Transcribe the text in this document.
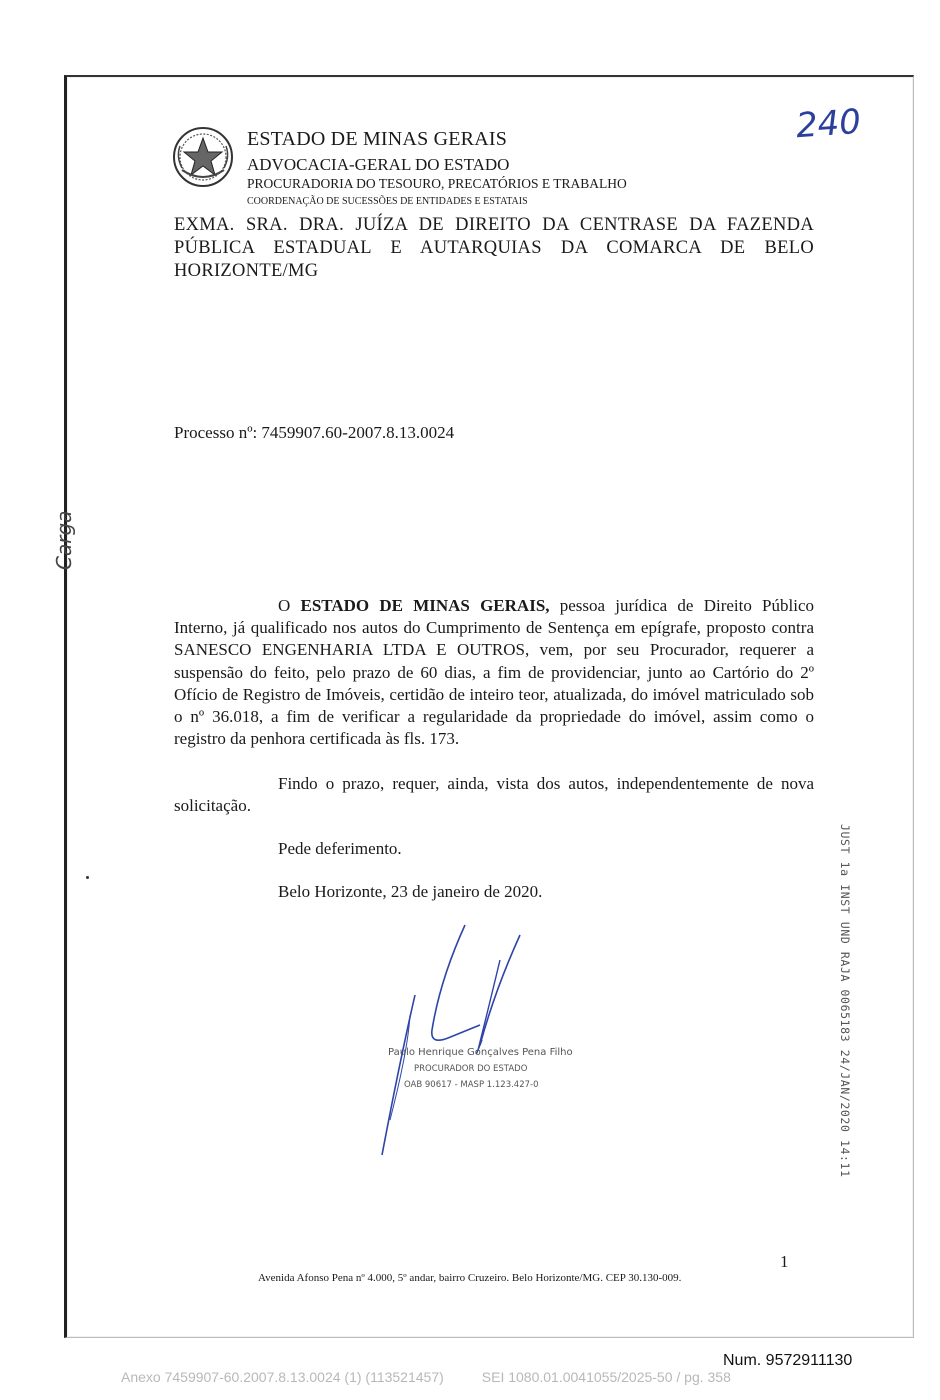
ESTADO DE MINAS GERAIS
ADVOCACIA-GERAL DO ESTADO
PROCURADORIA DO TESOURO, PRECATÓRIOS E TRABALHO
COORDENAÇÃO DE SUCESSÕES DE ENTIDADES E ESTATAIS
240
EXMA. SRA. DRA. JUÍZA DE DIREITO DA CENTRASE DA FAZENDA PÚBLICA ESTADUAL E AUTARQUIAS DA COMARCA DE BELO HORIZONTE/MG
Processo nº: 7459907.60-2007.8.13.0024

O ESTADO DE MINAS GERAIS, pessoa jurídica de Direito Público Interno, já qualificado nos autos do Cumprimento de Sentença em epígrafe, proposto contra SANESCO ENGENHARIA LTDA E OUTROS, vem, por seu Procurador, requerer a suspensão do feito, pelo prazo de 60 dias, a fim de providenciar, junto ao Cartório do 2º Ofício de Registro de Imóveis, certidão de inteiro teor, atualizada, do imóvel matriculado sob o nº 36.018, a fim de verificar a regularidade da propriedade do imóvel, assim como o registro da penhora certificada às fls. 173.

Findo o prazo, requer, ainda, vista dos autos, independentemente de nova solicitação.

Pede deferimento.
Belo Horizonte, 23 de janeiro de 2020.
Paulo Henrique Gonçalves Pena Filho
PROCURADOR DO ESTADO
OAB 90617 - MASP 1.123.427-0
Carga
JUST 1a INST UND RAJA 0065183 24/JAN/2020 14:11
1
Avenida Afonso Pena nº 4.000, 5º andar, bairro Cruzeiro. Belo Horizonte/MG. CEP 30.130-009.
Num. 9572911130
Anexo 7459907-60.2007.8.13.0024 (1) (113521457)	SEI 1080.01.0041055/2025-50 / pg. 358
